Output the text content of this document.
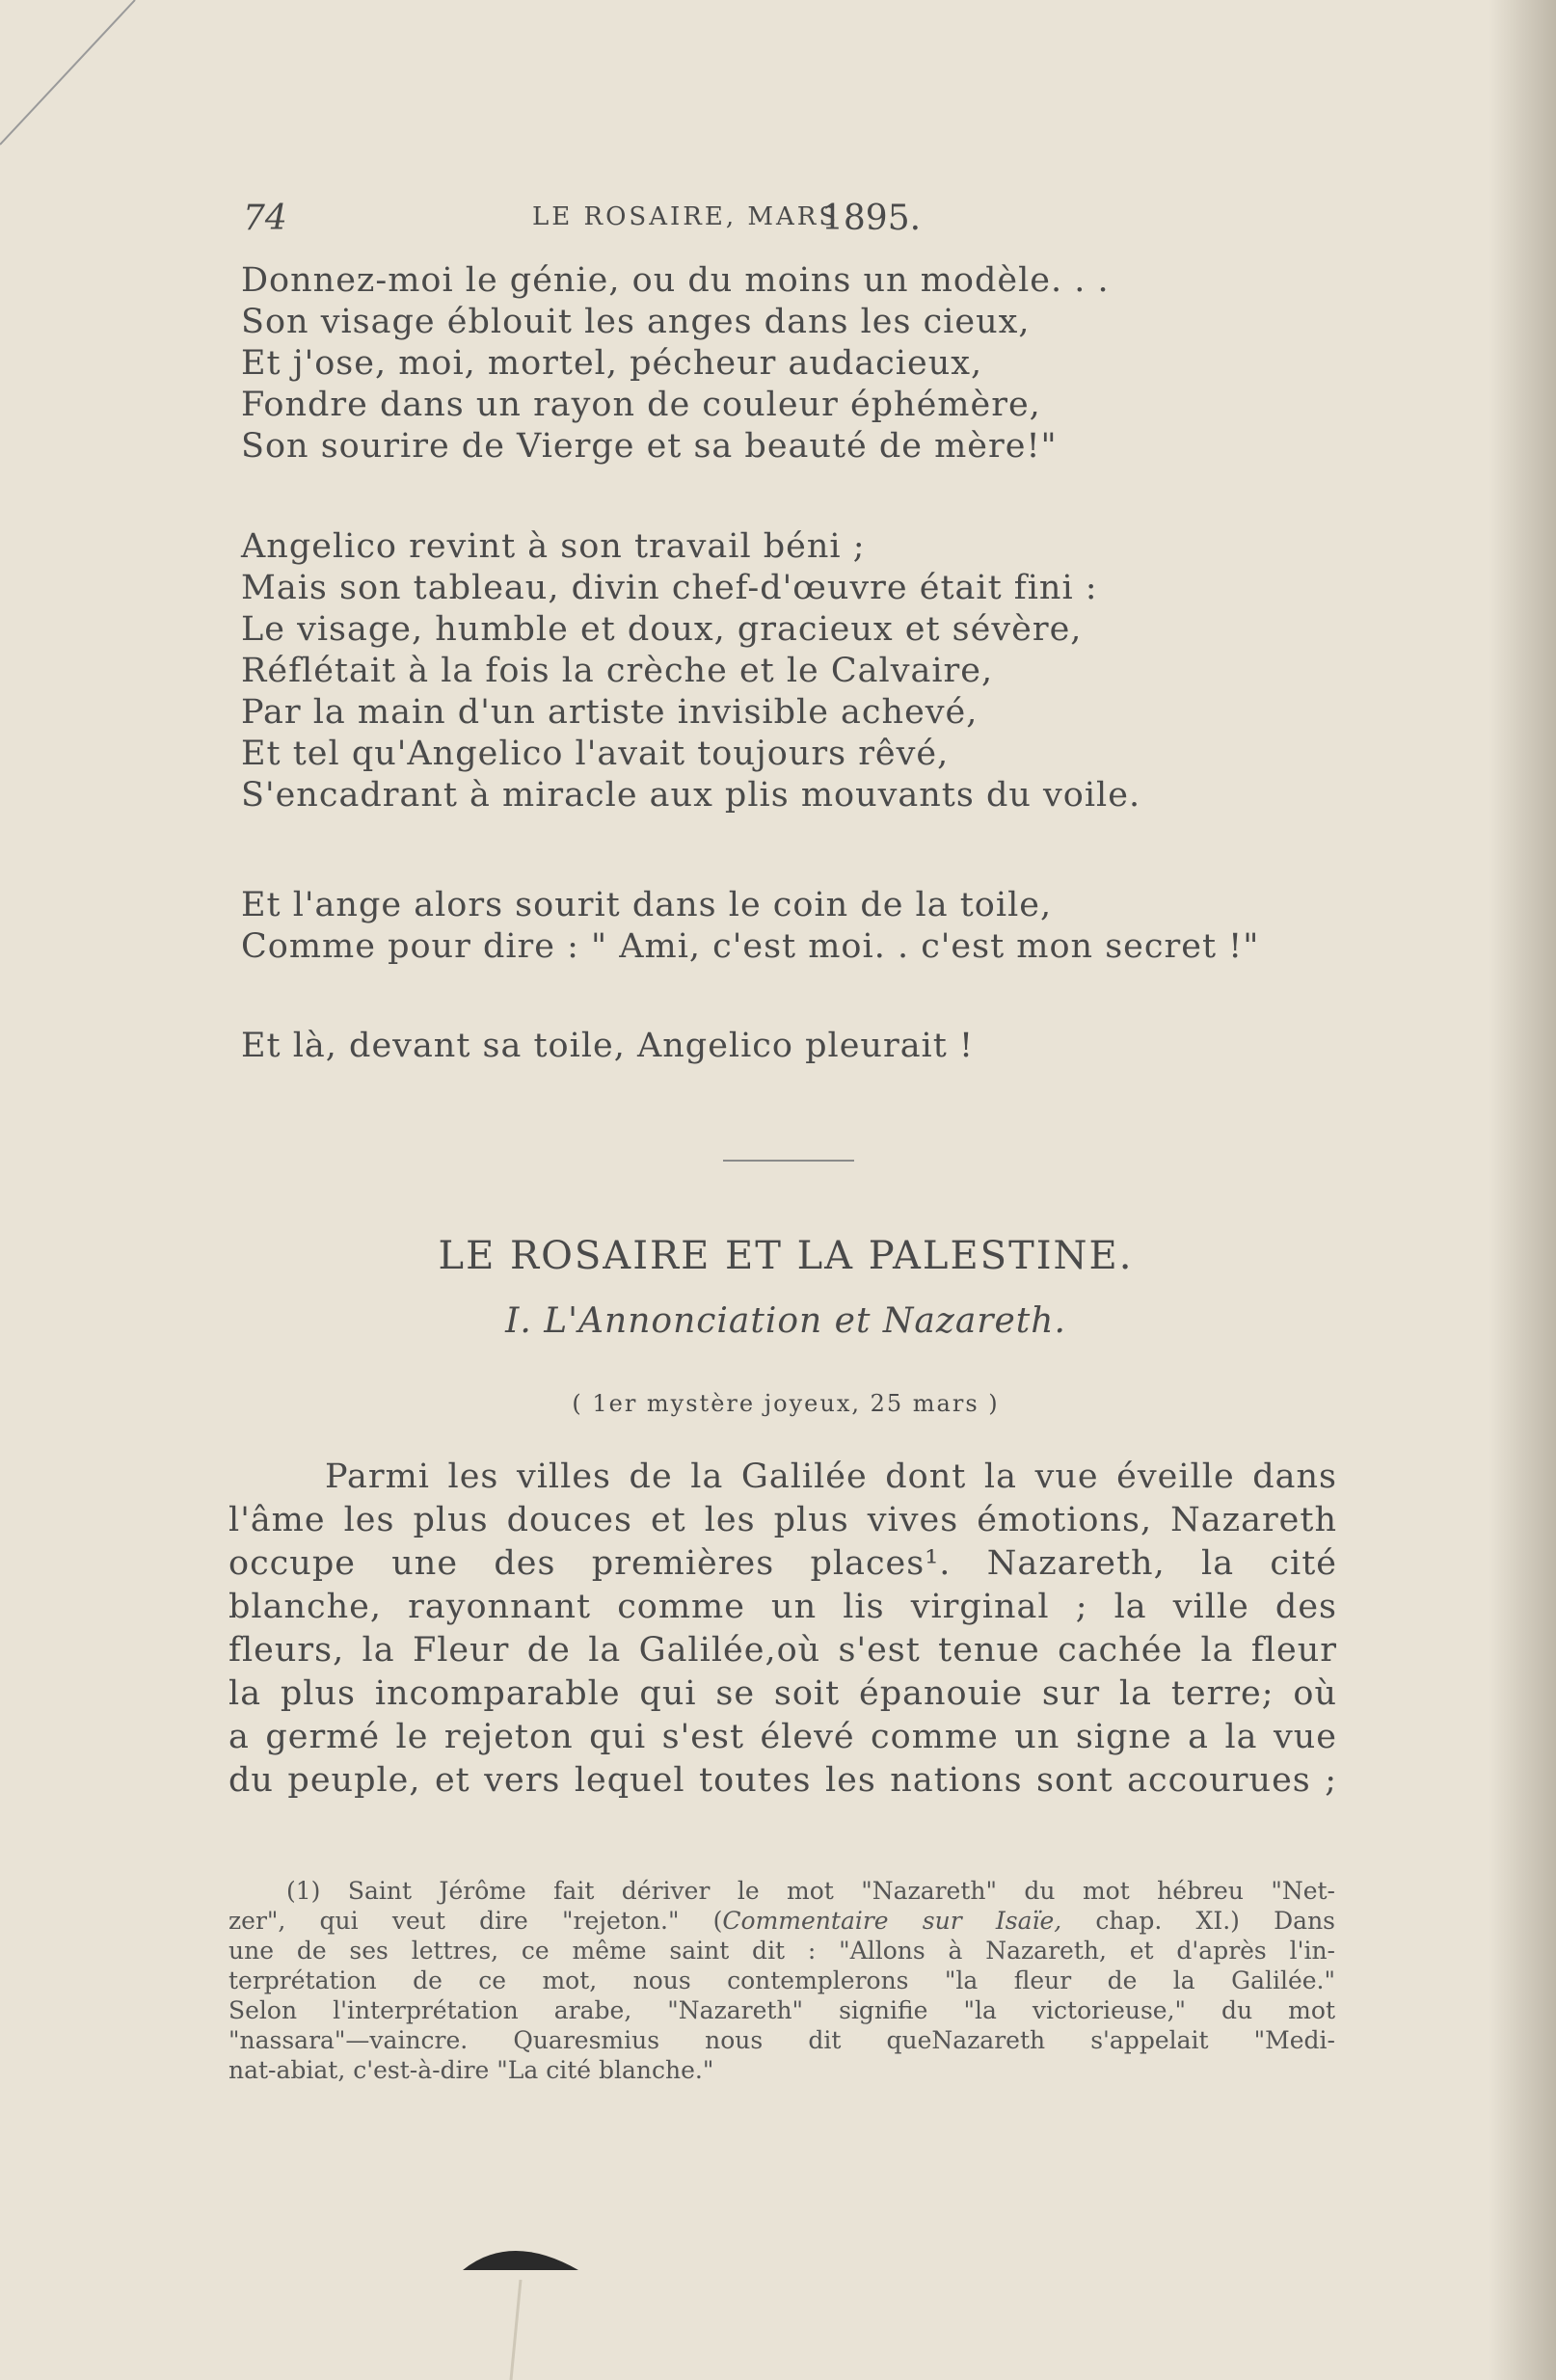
74	LE ROSAIRE, MARS
1895.
Donnez-moi le génie, ou du moins un modèle. . .
Son visage éblouit les anges dans les cieux,
Et j'ose, moi, mortel, pécheur audacieux,
Fondre dans un rayon de couleur éphémère,
Son sourire de Vierge et sa beauté de mère!"
Angelico revint à son travail béni ;
Mais son tableau, divin chef-d'œuvre était fini :
Le visage, humble et doux, gracieux et sévère,
Réflétait à la fois la crèche et le Calvaire,
Par la main d'un artiste invisible achevé,
Et tel qu'Angelico l'avait toujours rêvé,
S'encadrant à miracle aux plis mouvants du voile.
Et l'ange alors sourit dans le coin de la toile,
Comme pour dire : " Ami, c'est moi. . c'est mon secret !"
Et là, devant sa toile, Angelico pleurait !
LE ROSAIRE ET LA PALESTINE.
I. L'Annonciation et Nazareth.
( 1er mystère joyeux, 25 mars )
Parmi les villes de la Galilée dont la vue éveille dans
l'âme les plus douces et les plus vives émotions, Nazareth
occupe une des premières places¹. Nazareth, la cité
blanche, rayonnant comme un lis virginal ; la ville des
fleurs, la Fleur de la Galilée,où s'est tenue cachée la fleur
la plus incomparable qui se soit épanouie sur la terre; où
a germé le rejeton qui s'est élevé comme un signe a la vue
du peuple, et vers lequel toutes les nations sont accourues ;
(1) Saint Jérôme fait dériver le mot "Nazareth" du mot hébreu "Net-
zer", qui veut dire "rejeton." (Commentaire sur Isaïe, chap. XI.) Dans
une de ses lettres, ce même saint dit : "Allons à Nazareth, et d'après l'in-
terprétation de ce mot, nous contemplerons "la fleur de la Galilée."
Selon l'interprétation arabe, "Nazareth" signifie "la victorieuse," du mot
"nassara"—vaincre. Quaresmius nous dit queNazareth s'appelait "Medi-
nat-abiat, c'est-à-dire "La cité blanche."
